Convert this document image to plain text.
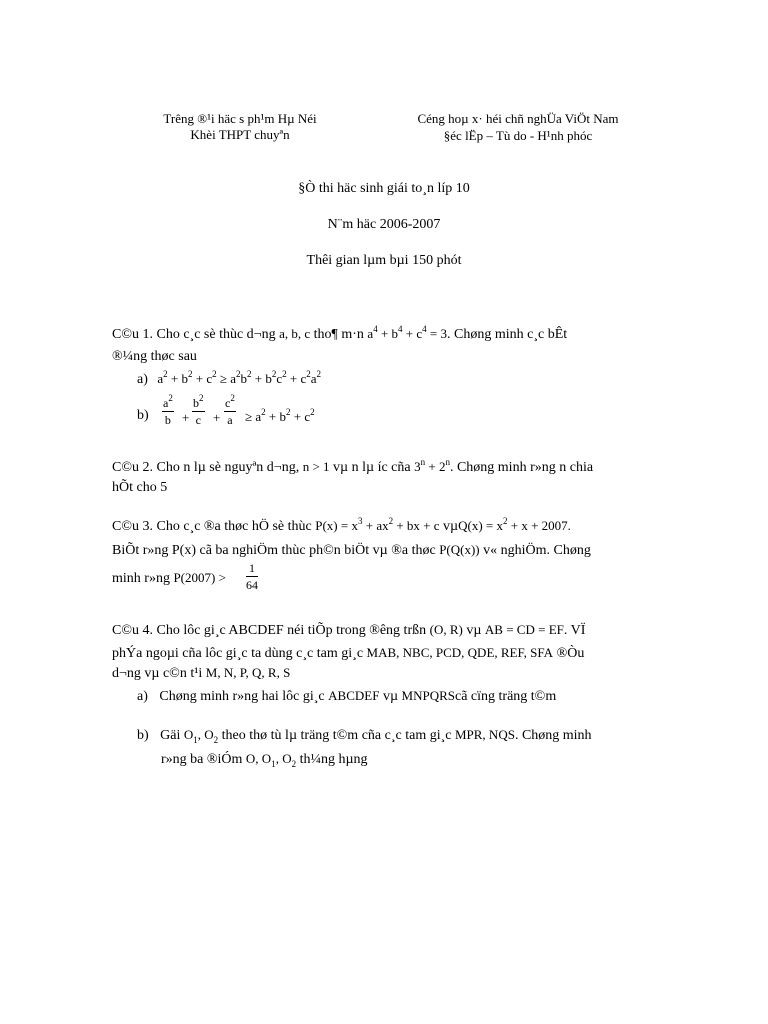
Trêng ®¹i häc s ph¹m Hµ Néi
Khèi THPT chuyªn
Céng hoµ x· héi chñ nghÜa ViÖt Nam
§éc lËp – Tù do - H¹nh phóc
§Ò thi häc sinh giái to¸n líp 10
N¨m häc 2006-2007
Thêi gian lµm bµi 150 phót
C©u 1. Cho c¸c sè thùc d¬ng a, b, c tho¶ m·n $a^4 + b^4 + c^4 = 3$. Chøng minh c¸c bÊt
®¼ng thøc sau
a) $a^2 + b^2 + c^2 \ge a^2b^2 + b^2c^2 + c^2a^2$
$b) \frac{a^2}{b} + \frac{b^2}{c} + \frac{c^2}{a} \ge a^2 + b^2 + c^2$
C©u 2. Cho n lµ sè nguyªn d¬ng, n > 1 vµ n lµ íc cña $3^n + 2^n$. Chøng minh r»ng n chia
hÕt cho 5
C©u 3. Cho c¸c ®a thøc hÖ sè thùc $P(x) = x^3 + ax^2$ + bx + c $v\mu Q(x) = x^2 + x + 2007$.
BiÕt r»ng P(x) cã ba nghiÖm thùc ph©n biÖt vµ ®a thøc P(Q(x)) v« nghiÖm. Chøng
minh r»ng $P(2007) > \frac{1}{64}$
C©u 4. Cho lôc gi¸c ABCDEF néi tiÕp trong ®êng trßn (O, R) vµ AB = CD = EF. VÏ
phÝa ngoµi cña lôc gi¸c ta dùng c¸c tam gi¸c MAB, NBC, PCD, QDE, REF, SFA ®Òu
d¬ng vµ c©n t¹i M, N, P, Q, R, S
a) Chøng minh r»ng hai lôc gi¸c ABCDEF vµ MNPQRScã cïng träng t©m
b) Gäi $O_1$, $O_2$ theo thø tù lµ träng t©m cña c¸c tam gi¸c MPR, NQS. Chøng minh
r»ng ba ®iÓm O, $O_1$, $O_2$ th¼ng hµng
